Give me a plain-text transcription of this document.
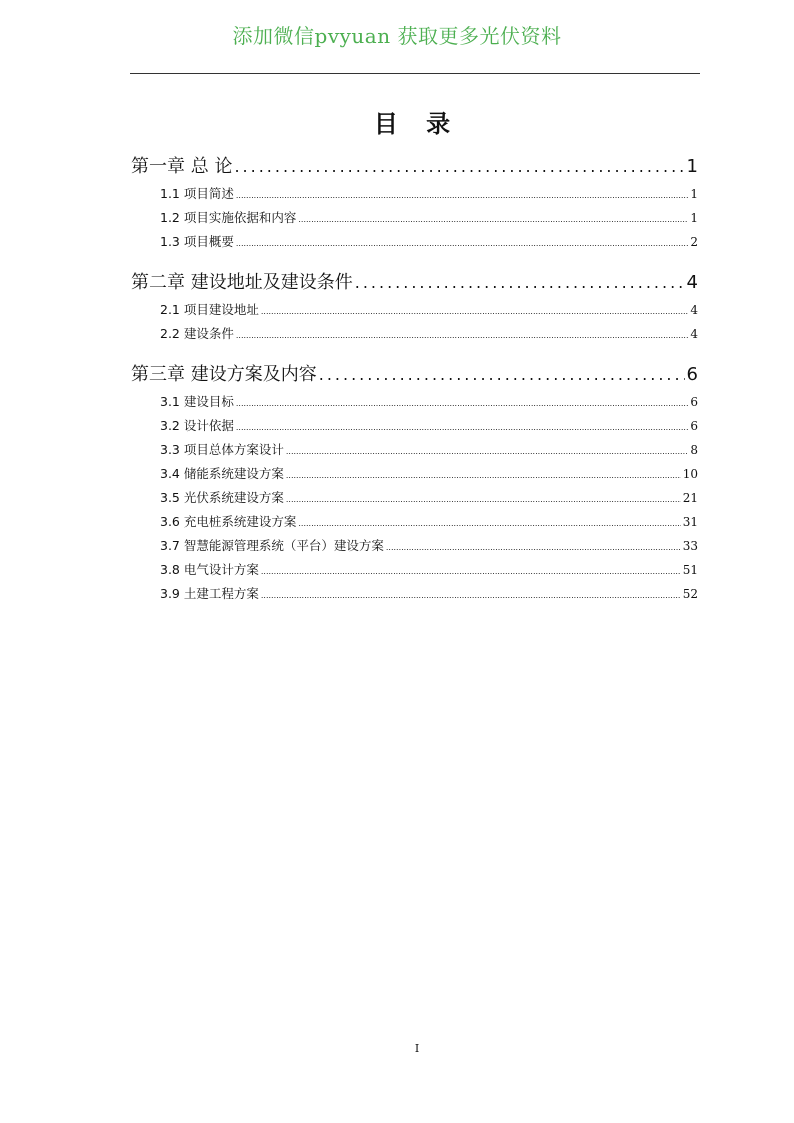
添加微信pvyuan 获取更多光伏资料
目 录
第一章 总 论 .....	1
1.1 项目简述 .....	1
1.2 项目实施依据和内容 .....	1
1.3 项目概要 .....	2
第二章 建设地址及建设条件 .....	4
2.1 项目建设地址 .....	4
2.2 建设条件 .....	4
第三章 建设方案及内容 .....	6
3.1 建设目标 .....	6
3.2 设计依据 .....	6
3.3 项目总体方案设计 .....	8
3.4 储能系统建设方案 .....	10
3.5 光伏系统建设方案 .....	21
3.6 充电桩系统建设方案 .....	31
3.7 智慧能源管理系统（平台）建设方案 .....	33
3.8 电气设计方案 .....	51
3.9 土建工程方案 .....	52
I
